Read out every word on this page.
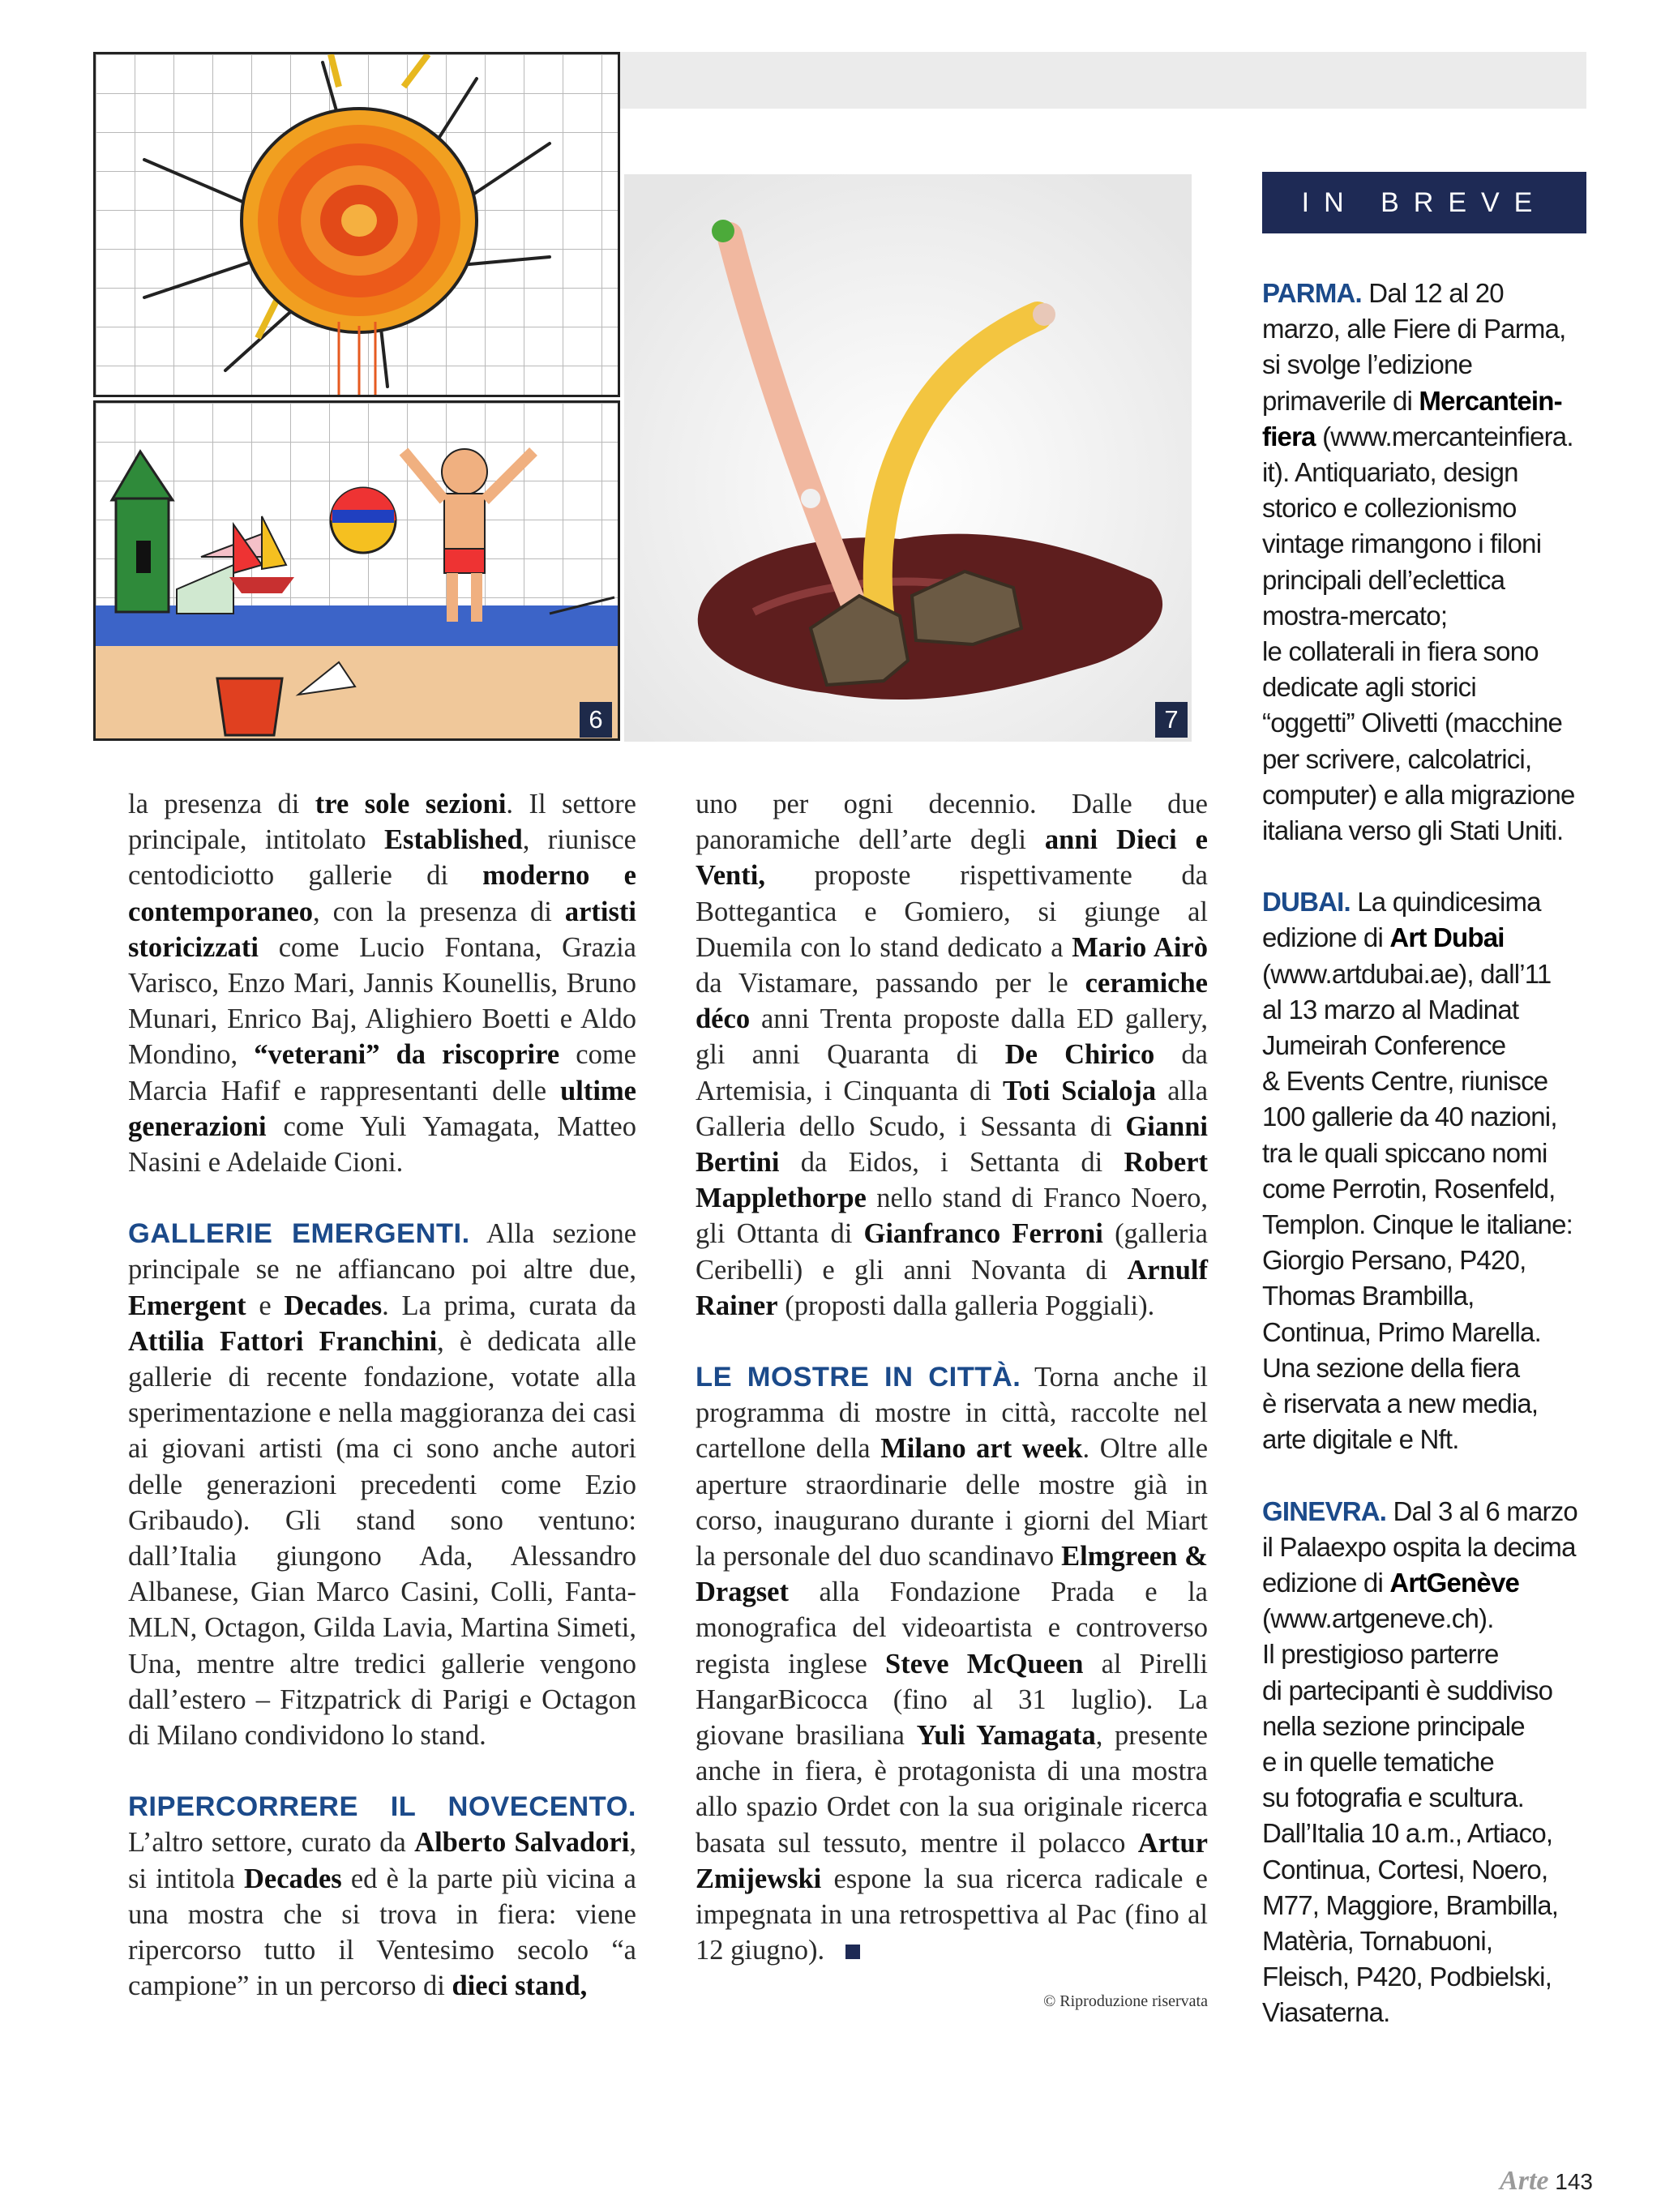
6	7
IN BREVE

la presenza di tre sole sezioni. Il settore principale, intitolato Established, riunisce centodiciotto gallerie di moderno e contemporaneo, con la presenza di artisti storicizzati come Lucio Fontana, Grazia Varisco, Enzo Mari, Jannis Kounellis, Bruno Munari, Enrico Baj, Alighiero Boetti e Aldo Mondino, “veterani” da riscoprire come Marcia Hafif e rappresentanti delle ultime generazioni come Yuli Yamagata, Matteo Nasini e Adelaide Cioni.

GALLERIE EMERGENTI. Alla sezione principale se ne affiancano poi altre due, Emergent e Decades. La prima, curata da Attilia Fattori Franchini, è dedicata alle gallerie di recente fondazione, votate alla sperimentazione e nella maggioranza dei casi ai giovani artisti (ma ci sono anche autori delle generazioni precedenti come Ezio Gribaudo). Gli stand sono ventuno: dall’Italia giungono Ada, Alessandro Albanese, Gian Marco Casini, Colli, Fanta-MLN, Octagon, Gilda Lavia, Martina Simeti, Una, mentre altre tredici gallerie vengono dall’estero – Fitzpatrick di Parigi e Octagon di Milano condividono lo stand.

RIPERCORRERE IL NOVECENTO. L’altro settore, curato da Alberto Salvadori, si intitola Decades ed è la parte più vicina a una mostra che si trova in fiera: viene ripercorso tutto il Ventesimo secolo “a campione” in un percorso di dieci stand,

uno per ogni decennio. Dalle due panoramiche dell’arte degli anni Dieci e Venti, proposte rispettivamente da Bottegantica e Gomiero, si giunge al Duemila con lo stand dedicato a Mario Airò da Vistamare, passando per le ceramiche déco anni Trenta proposte dalla ED gallery, gli anni Quaranta di De Chirico da Artemisia, i Cinquanta di Toti Scialoja alla Galleria dello Scudo, i Sessanta di Gianni Bertini da Eidos, i Settanta di Robert Mapplethorpe nello stand di Franco Noero, gli Ottanta di Gianfranco Ferroni (galleria Ceribelli) e gli anni Novanta di Arnulf Rainer (proposti dalla galleria Poggiali).

LE MOSTRE IN CITTÀ. Torna anche il programma di mostre in città, raccolte nel cartellone della Milano art week. Oltre alle aperture straordinarie delle mostre già in corso, inaugurano durante i giorni del Miart la personale del duo scandinavo Elmgreen & Dragset alla Fondazione Prada e la monografica del videoartista e controverso regista inglese Steve McQueen al Pirelli HangarBicocca (fino al 31 luglio). La giovane brasiliana Yuli Yamagata, presente anche in fiera, è protagonista di una mostra allo spazio Ordet con la sua originale ricerca basata sul tessuto, mentre il polacco Artur Zmijewski espone la sua ricerca radicale e impegnata in una retrospettiva al Pac (fino al 12 giugno).

© Riproduzione riservata

PARMA. Dal 12 al 20

marzo, alle Fiere di Parma,

si svolge l’edizione

primaverile di Mercantein-

fiera (www.mercanteinfiera.

it). Antiquariato, design

storico e collezionismo

vintage rimangono i filoni

principali dell’eclettica

mostra-mercato;

le collaterali in fiera sono

dedicate agli storici

“oggetti” Olivetti (macchine

per scrivere, calcolatrici,

computer) e alla migrazione

italiana verso gli Stati Uniti.

DUBAI. La quindicesima

edizione di Art Dubai

(www.artdubai.ae), dall’11

al 13 marzo al Madinat

Jumeirah Conference

& Events Centre, riunisce

100 gallerie da 40 nazioni,

tra le quali spiccano nomi

come Perrotin, Rosenfeld,

Templon. Cinque le italiane:

Giorgio Persano, P420,

Thomas Brambilla,

Continua, Primo Marella.

Una sezione della fiera

è riservata a new media,

arte digitale e Nft.

GINEVRA. Dal 3 al 6 marzo

il Palaexpo ospita la decima

edizione di ArtGenève

(www.artgeneve.ch).

Il prestigioso parterre

di partecipanti è suddiviso

nella sezione principale

e in quelle tematiche

su fotografia e scultura.

Dall’Italia 10 a.m., Artiaco,

Continua, Cortesi, Noero,

M77, Maggiore, Brambilla,

Matèria, Tornabuoni,

Fleisch, P420, Podbielski,

Viasaterna.

Arte 143
